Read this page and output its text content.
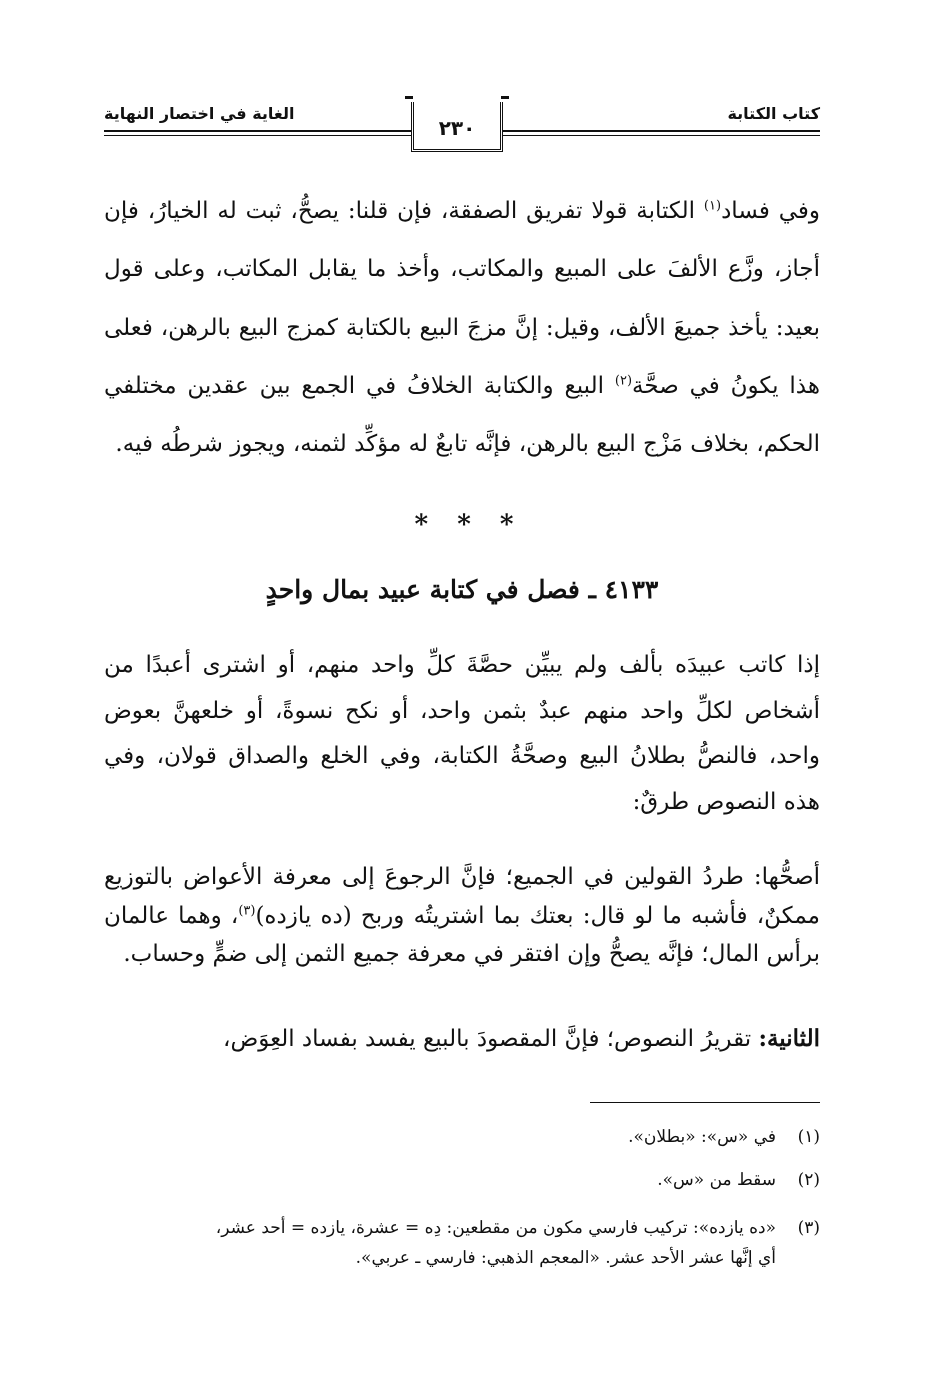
كتاب الكتابة
الغاية في اختصار النهاية
٢٣٠
وفي فساد$^{(١)}$ الكتابة قولا تفريق الصفقة، فإن قلنا: يصحُّ، ثبت له الخيارُ، فإن أجاز، وزَّع الألفَ على المبيع والمكاتب، وأخذ ما يقابل المكاتب، وعلى قول بعيد: يأخذ جميعَ الألف، وقيل: إنَّ مزجَ البيع بالكتابة كمزج البيع بالرهن، فعلى هذا يكونُ في صحَّة$^{(٢)}$ البيع والكتابة الخلافُ في الجمع بين عقدين مختلفي الحكم، بخلاف مَزْج البيع بالرهن، فإنَّه تابعٌ له مؤكِّد لثمنه، ويجوز شرطُه فيه.
* * *
٤١٣٣ ـ فصل في كتابة عبيد بمال واحدٍ
إذا كاتب عبيدَه بألف ولم يبيِّن حصَّةَ كلِّ واحد منهم، أو اشترى أعبدًا من أشخاص لكلِّ واحد منهم عبدٌ بثمن واحد، أو نكح نسوةً، أو خلعهنَّ بعوض واحد، فالنصُّ بطلانُ البيع وصحَّةُ الكتابة، وفي الخلع والصداق قولان، وفي هذه النصوص طرقٌ:
أصحُّها: طردُ القولين في الجميع؛ فإنَّ الرجوعَ إلى معرفة الأعواض بالتوزيع ممكنٌ، فأشبه ما لو قال: بعتك بما اشتريتُه وربح (ده يازده)$^{(٣)}$، وهما عالمان برأس المال؛ فإنَّه يصحُّ وإن افتقر في معرفة جميع الثمن إلى ضمٍّ وحساب.
الثانية: تقريرُ النصوص؛ فإنَّ المقصودَ بالبيع يفسد بفساد العِوَض،
(١)في «س»: «بطلان».
(٢)سقط من «س».
(٣)«ده يازده»: تركيب فارسي مكون من مقطعين: دِه = عشرة، يازده = أحد عشر،
أي إنَّها عشر الأحد عشر. «المعجم الذهبي: فارسي ـ عربي».
